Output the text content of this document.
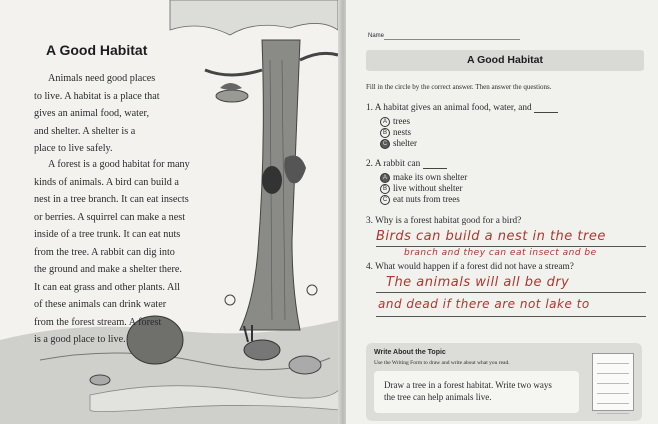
A Good Habitat

Animals need good places
to live. A habitat is a place that
gives an animal food, water,
and shelter. A shelter is a
place to live safely.

A forest is a good habitat for many
kinds of animals. A bird can build a
nest in a tree branch. It can eat insects
or berries. A squirrel can make a nest
inside of a tree trunk. It can eat nuts
from the tree. A rabbit can dig into
the ground and make a shelter there.
It can eat grass and other plants. All
of these animals can drink water
from the forest stream. A forest
is a good place to live.

Name
A Good Habitat
Fill in the circle by the correct answer. Then answer the questions.
1. A habitat gives an animal food, water, and
A trees
B nests
C shelter
2. A rabbit can
A make its own shelter
B live without shelter
C eat nuts from trees
3. Why is a forest habitat good for a bird?
Birds can build a nest in the tree
branch and they can eat insect and be
4. What would happen if a forest did not have a stream?
The animals will all be dry
and dead if there are not lake to
Write About the Topic
Use the Writing Form to draw and write about what you read.

Draw a tree in a forest habitat. Write two ways
the tree can help animals live.
